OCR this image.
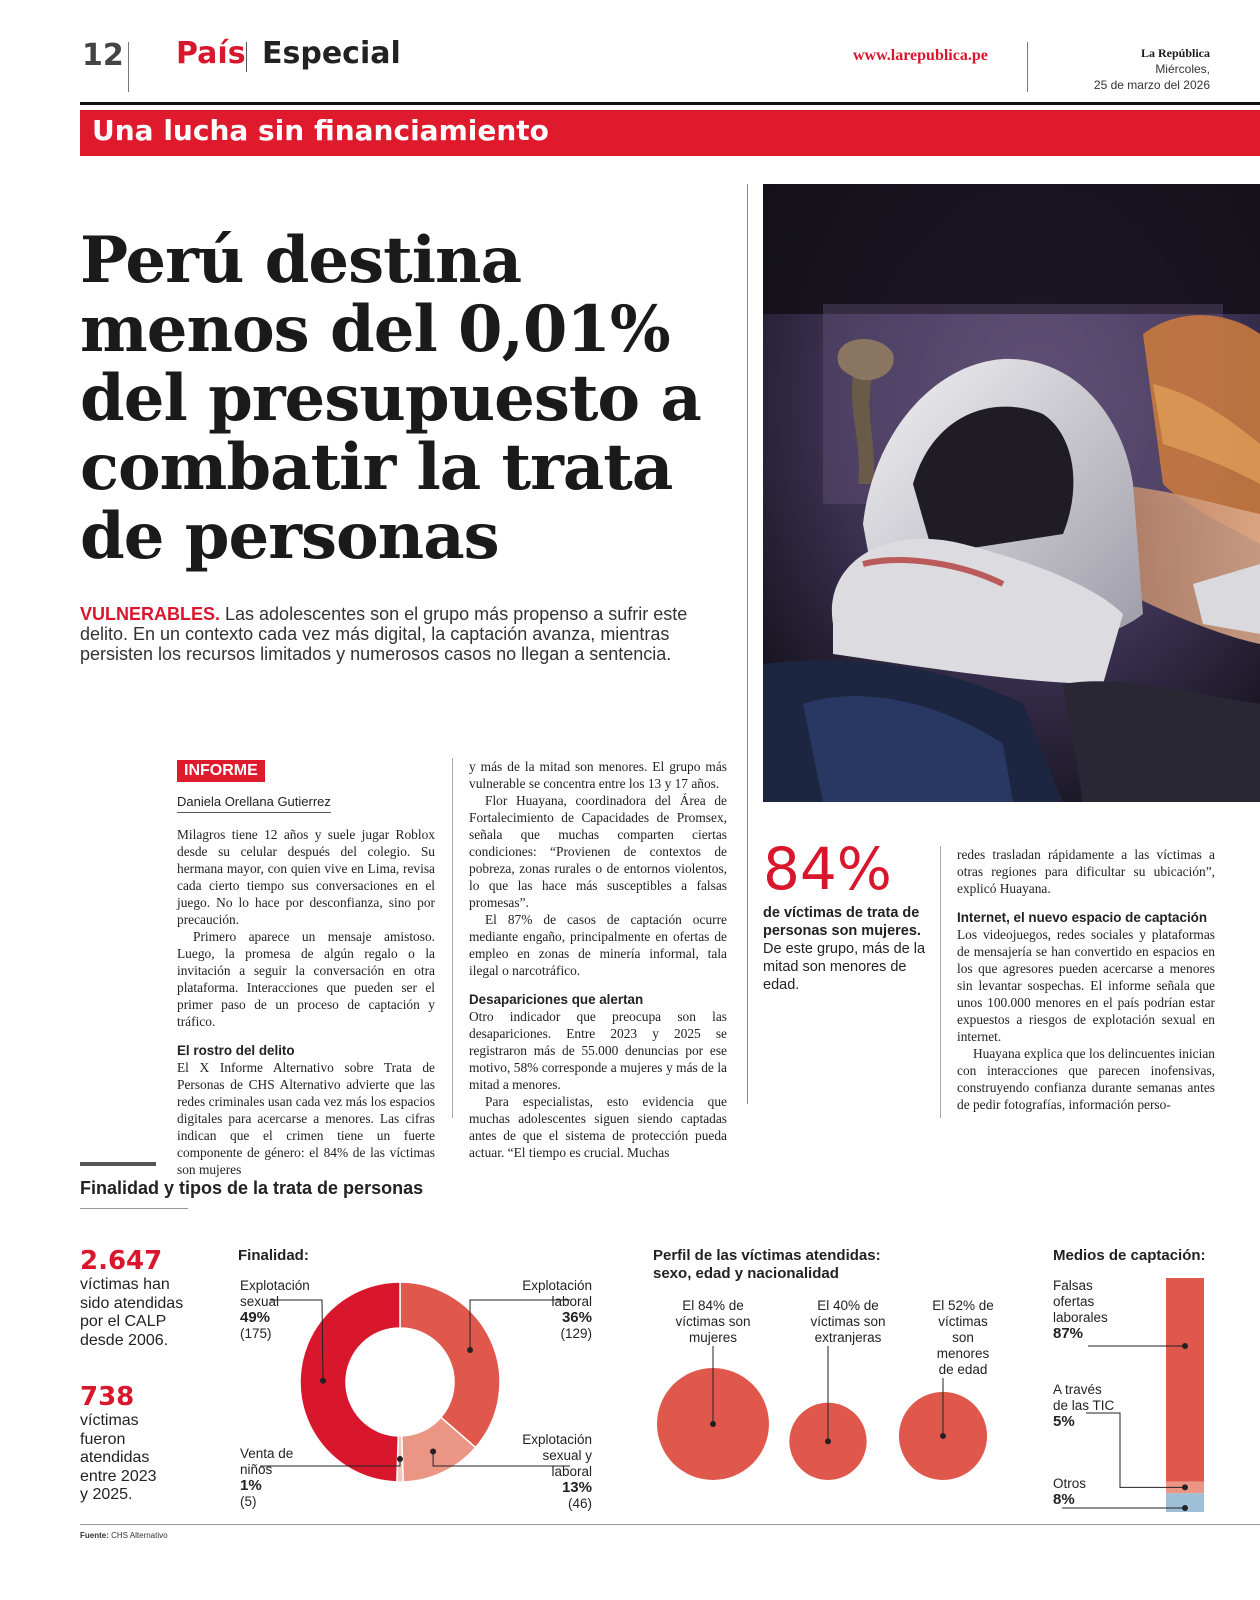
12 País Especial	www.larepublica.pe	La República
Miércoles,
25 de marzo del 2026
Una lucha sin financiamiento
Perú destina
menos del 0,01%
del presupuesto a
combatir la trata
de personas

VULNERABLES. Las adolescentes son el grupo más propenso a sufrir este delito. En un contexto cada vez más digital, la captación avanza, mientras persisten los recursos limitados y numerosos casos no llegan a sentencia.

INFORME
Daniela Orellana Gutierrez

Milagros tiene 12 años y suele jugar Roblox desde su celular después del colegio. Su hermana mayor, con quien vive en Lima, revisa cada cierto tiempo sus conversaciones en el juego. No lo hace por desconfianza, sino por precaución.

Primero aparece un mensaje amistoso. Luego, la promesa de algún regalo o la invitación a seguir la conversación en otra plataforma. Interacciones que pueden ser el primer paso de un proceso de captación y tráfico.

El rostro del delito

El X Informe Alternativo sobre Trata de Personas de CHS Alternativo advierte que las redes criminales usan cada vez más los espacios digitales para acercarse a menores. Las cifras indican que el crimen tiene un fuerte componente de género: el 84% de las víctimas son mujeres

y más de la mitad son menores. El grupo más vulnerable se concentra entre los 13 y 17 años.

Flor Huayana, coordinadora del Área de Fortalecimiento de Capacidades de Promsex, señala que muchas comparten ciertas condiciones: “Provienen de contextos de pobreza, zonas rurales o de entornos violentos, lo que las hace más susceptibles a falsas promesas”.

El 87% de casos de captación ocurre mediante engaño, principalmente en ofertas de empleo en zonas de minería informal, tala ilegal o narcotráfico.

Desapariciones que alertan

Otro indicador que preocupa son las desapariciones. Entre 2023 y 2025 se registraron más de 55.000 denuncias por ese motivo, 58% corresponde a mujeres y más de la mitad a menores.

Para especialistas, esto evidencia que muchas adolescentes siguen siendo captadas antes de que el sistema de protección pueda actuar. “El tiempo es crucial. Muchas

84%
de víctimas de trata de personas son mujeres.
De este grupo, más de la mitad son menores de edad.

redes trasladan rápidamente a las víctimas a otras regiones para dificultar su ubicación”, explicó Huayana.

Internet, el nuevo espacio de captación

Los videojuegos, redes sociales y plataformas de mensajería se han convertido en espacios en los que agresores pueden acercarse a menores sin levantar sospechas. El informe señala que unos 100.000 menores en el país podrían estar expuestos a riesgos de explotación sexual en internet.

Huayana explica que los delincuentes inician con interacciones que parecen inofensivas, construyendo confianza durante semanas antes de pedir fotografías, información perso-

Finalidad y tipos de la trata de personas
2.647
víctimas han
sido atendidas
por el CALP
desde 2006.
738
víctimas
fueron
atendidas
entre 2023
y 2025.
Finalidad:
Explotación
sexual
49%
(175)
Explotación
laboral
36%
(129)
Explotación
sexual y
laboral
13%
(46)
Venta de
niños
1%
(5)
Perfil de las víctimas atendidas:
sexo, edad y nacionalidad
El 84% de
víctimas son
mujeres
El 40% de
víctimas son
extranjeras
El 52% de
víctimas
son
menores
de edad
Medios de captación:
Falsas
ofertas
laborales
87%
A través
de las TIC
5%
Otros
8%
Fuente: CHS Alternativo
